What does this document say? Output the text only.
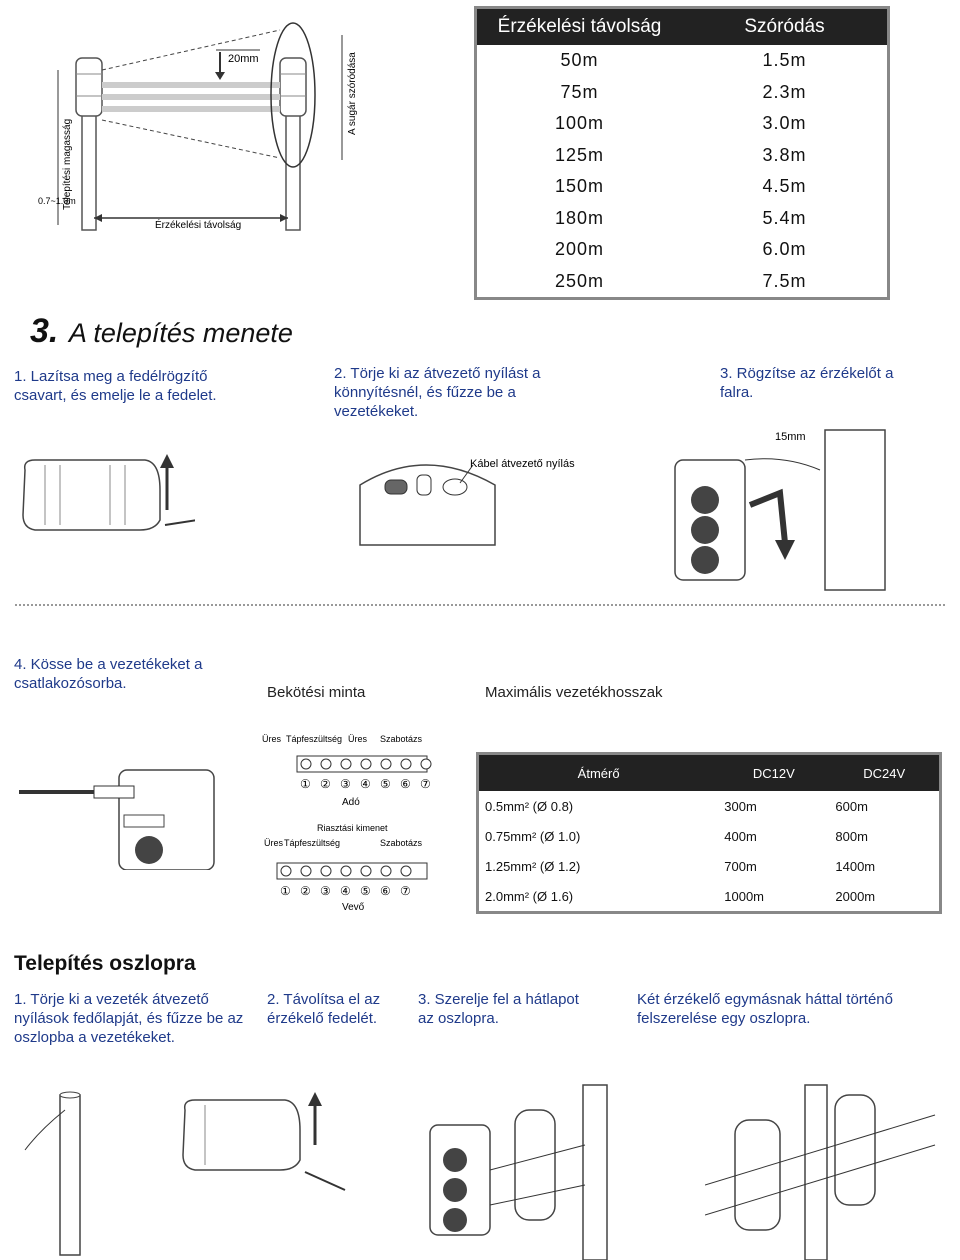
20mm	A sugár szóródása
Telepítési magasság
0.7~1.0m
Érzékelési távolság
Érzékelési távolság	Szóródás
50m	1.5m
75m	2.3m
100m	3.0m
125m	3.8m
150m	4.5m
180m	5.4m
200m	6.0m
250m	7.5m
3. A telepítés menete
1. Lazítsa meg a fedélrögzítő csavart, és emelje le a fedelet.
2. Törje ki az átvezető nyílást a könnyítésnél, és fűzze be a vezetékeket.
3. Rögzítse az érzékelőt a falra.
Kábel átvezető nyílás
15mm
4. Kösse be a vezetékeket a csatlakozósorba.
Bekötési minta	Maximális vezetékhosszak
Üres Tápfeszültség Üres Szabotázs
① ② ③ ④ ⑤ ⑥ ⑦
Adó
Riasztási kimenet
Üres Tápfeszültség	Szabotázs
① ② ③ ④ ⑤ ⑥ ⑦
Vevő
Átmérő	DC12V	DC24V
0.5mm² (Ø 0.8)	300m	600m
0.75mm² (Ø 1.0)	400m	800m
1.25mm² (Ø 1.2)	700m	1400m
2.0mm² (Ø 1.6)	1000m	2000m
Telepítés oszlopra
1. Törje ki a vezeték átvezető nyílások fedőlapját, és fűzze be az oszlopba a vezetékeket.
2. Távolítsa el az érzékelő fedelét.
3. Szerelje fel a hátlapot az oszlopra.
Két érzékelő egymásnak háttal történő felszerelése egy oszlopra.
